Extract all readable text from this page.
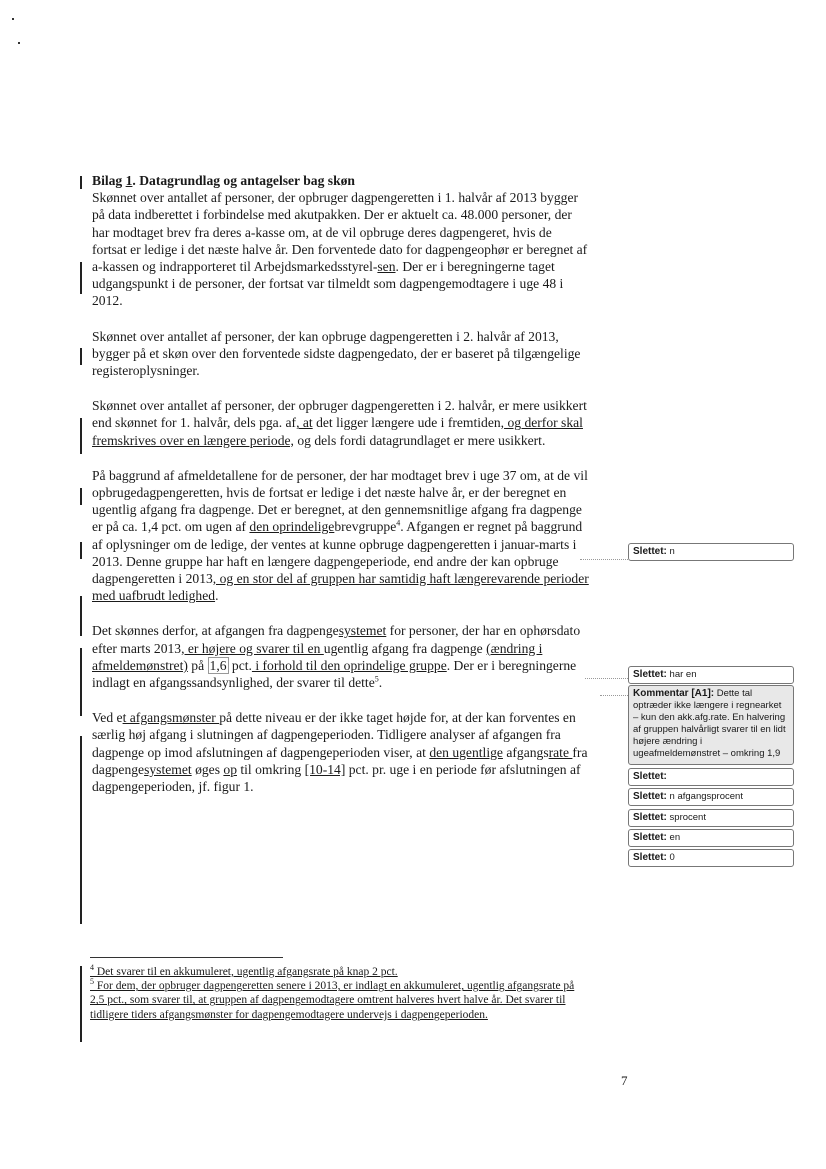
Bilag 1. Datagrundlag og antagelser bag skøn

Skønnet over antallet af personer, der opbruger dagpengeretten i 1. halvår af 2013 bygger på data indberettet i forbindelse med akutpakken. Der er aktuelt ca. 48.000 personer, der har modtaget brev fra deres a-kasse om, at de vil opbruge deres dagpengeret, hvis de fortsat er ledige i det næste halve år. Den forventede dato for dagpengeophør er beregnet af a-kassen og indrapporteret til Arbejdsmarkedsstyrel-sen. Der er i beregningerne taget udgangspunkt i de personer, der fortsat var tilmeldt som dagpengemodtagere i uge 48 i 2012.

Skønnet over antallet af personer, der kan opbruge dagpengeretten i 2. halvår af 2013, bygger på et skøn over den forventede sidste dagpengedato, der er baseret på tilgængelige registeroplysninger.

Skønnet over antallet af personer, der opbruger dagpengeretten i 2. halvår, er mere usikkert end skønnet for 1. halvår, dels pga. af, at det ligger længere ude i fremtiden, og derfor skal fremskrives over en længere periode, og dels fordi datagrundlaget er mere usikkert.

På baggrund af afmeldetallene for de personer, der har modtaget brev i uge 37 om, at de vil opbrugedagpengeretten, hvis de fortsat er ledige i det næste halve år, er der beregnet en ugentlig afgang fra dagpenge. Det er beregnet, at den gennemsnitlige afgang fra dagpenge er på ca. 1,4 pct. om ugen af den oprindeligebrevgruppe$^4$. Afgangen er regnet på baggrund af oplysninger om de ledige, der ventes at kunne opbruge dagpengeretten i januar-marts i 2013. Denne gruppe har haft en længere dagpengeperiode, end andre der kan opbruge dagpengeretten i 2013, og en stor del af gruppen har samtidig haft længerevarende perioder med uafbrudt ledighed.

Det skønnes derfor, at afgangen fra dagpengesystemet for personer, der har en ophørsdato efter marts 2013, er højere og svarer til en ugentlig afgang fra dagpenge (ændring i afmeldemønstret) på 1,6 pct. i forhold til den oprindelige gruppe. Der er i beregningerne indlagt en afgangssandsynlighed, der svarer til dette$^5$.

Ved et afgangsmønster på dette niveau er der ikke taget højde for, at der kan forventes en særlig høj afgang i slutningen af dagpengeperioden. Tidligere analyser af afgangen fra dagpenge op imod afslutningen af dagpengeperioden viser, at den ugentlige afgangsrate fra dagpengesystemet øges op til omkring [10-14] pct. pr. uge i en periode før afslutningen af dagpengeperioden, jf. figur 1.

$^4$ Det svarer til en akkumuleret, ugentlig afgangsrate på knap 2 pct.
$^5$ For dem, der opbruger dagpengeretten senere i 2013, er indlagt en akkumuleret, ugentlig afgangsrate på 2,5 pct., som svarer til, at gruppen af dagpengemodtagere omtrent halveres hvert halve år. Det svarer til tidligere tiders afgangsmønster for dagpengemodtagere undervejs i dagpengeperioden.
7
Slettet: n
Slettet: har en
Kommentar [A1]: Dette tal optræder ikke længere i regnearket – kun den akk.afg.rate. En halvering af gruppen halvårligt svarer til en lidt højere ændring i ugeafmeldemønstret – omkring 1,9
Slettet:
Slettet: n afgangsprocent
Slettet: sprocent
Slettet: en
Slettet: 0
